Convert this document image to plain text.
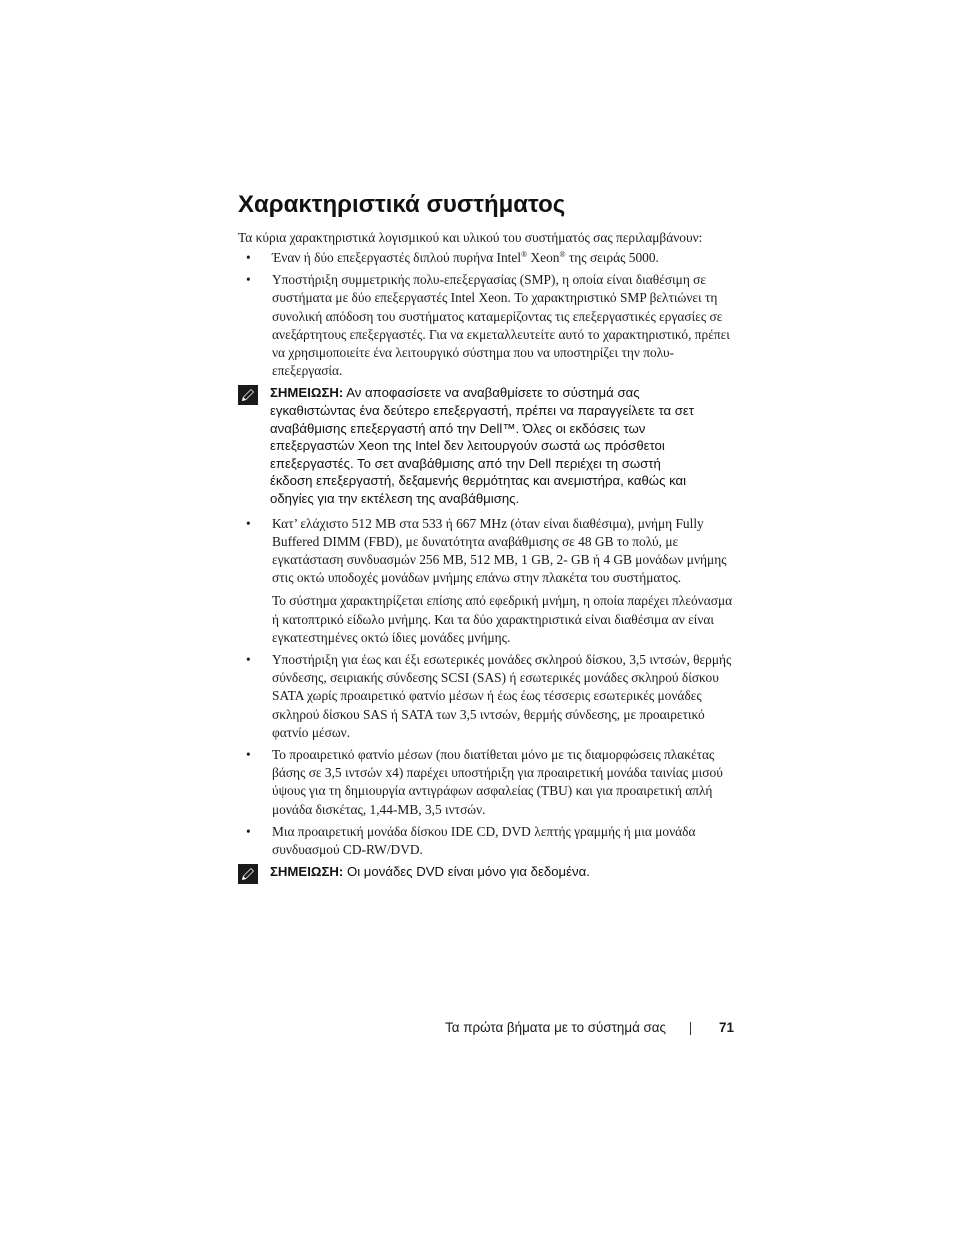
Χαρακτηριστικά συστήματος

Τα κύρια χαρακτηριστικά λογισμικού και υλικού του συστήματός σας περιλαμβάνουν:

• Έναν ή δύο επεξεργαστές διπλού πυρήνα Intel® Xeon® της σειράς 5000.

• Υποστήριξη συμμετρικής πολυ-επεξεργασίας (SMP), η οποία είναι διαθέσιμη σε συστήματα με δύο επεξεργαστές Intel Xeon. Το χαρακτηριστικό SMP βελτιώνει τη συνολική απόδοση του συστήματος καταμερίζοντας τις επεξεργαστικές εργασίες σε ανεξάρτητους επεξεργαστές. Για να εκμεταλλευτείτε αυτό το χαρακτηριστικό, πρέπει να χρησιμοποιείτε ένα λειτουργικό σύστημα που να υποστηρίζει την πολυ-επεξεργασία.

ΣΗΜΕΙΩΣΗ: Αν αποφασίσετε να αναβαθμίσετε το σύστημά σας εγκαθιστώντας ένα δεύτερο επεξεργαστή, πρέπει να παραγγείλετε τα σετ αναβάθμισης επεξεργαστή από την Dell™. Όλες οι εκδόσεις των επεξεργαστών Xeon της Intel δεν λειτουργούν σωστά ως πρόσθετοι επεξεργαστές. Το σετ αναβάθμισης από την Dell περιέχει τη σωστή έκδοση επεξεργαστή, δεξαμενής θερμότητας και ανεμιστήρα, καθώς και οδηγίες για την εκτέλεση της αναβάθμισης.
• Κατ’ ελάχιστο 512 MB στα 533 ή 667 MHz (όταν είναι διαθέσιμα), μνήμη Fully Buffered DIMM (FBD), με δυνατότητα αναβάθμισης σε 48 GB το πολύ, με εγκατάσταση συνδυασμών 256 MB, 512 MB, 1 GB, 2- GB ή 4 GB μονάδων μνήμης στις οκτώ υποδοχές μονάδων μνήμης επάνω στην πλακέτα του συστήματος.

Το σύστημα χαρακτηρίζεται επίσης από εφεδρική μνήμη, η οποία παρέχει πλεόνασμα ή κατοπτρικό είδωλο μνήμης. Και τα δύο χαρακτηριστικά είναι διαθέσιμα αν είναι εγκατεστημένες οκτώ ίδιες μονάδες μνήμης.

• Υποστήριξη για έως και έξι εσωτερικές μονάδες σκληρού δίσκου, 3,5 ιντσών, θερμής σύνδεσης, σειριακής σύνδεσης SCSI (SAS) ή εσωτερικές μονάδες σκληρού δίσκου SATA χωρίς προαιρετικό φατνίο μέσων ή έως έως τέσσερις εσωτερικές μονάδες σκληρού δίσκου SAS ή SATA των 3,5 ιντσών, θερμής σύνδεσης, με προαιρετικό φατνίο μέσων.

• Το προαιρετικό φατνίο μέσων (που διατίθεται μόνο με τις διαμορφώσεις πλακέτας βάσης σε 3,5 ιντσών x4) παρέχει υποστήριξη για προαιρετική μονάδα ταινίας μισού ύψους για τη δημιουργία αντιγράφων ασφαλείας (TBU) και για προαιρετική απλή μονάδα δισκέτας, 1,44-MB, 3,5 ιντσών.

• Μια προαιρετική μονάδα δίσκου IDE CD, DVD λεπτής γραμμής ή μια μονάδα συνδυασμού CD-RW/DVD.

ΣΗΜΕΙΩΣΗ: Οι μονάδες DVD είναι μόνο για δεδομένα.
Τα πρώτα βήματα με το σύστημά σας	71
